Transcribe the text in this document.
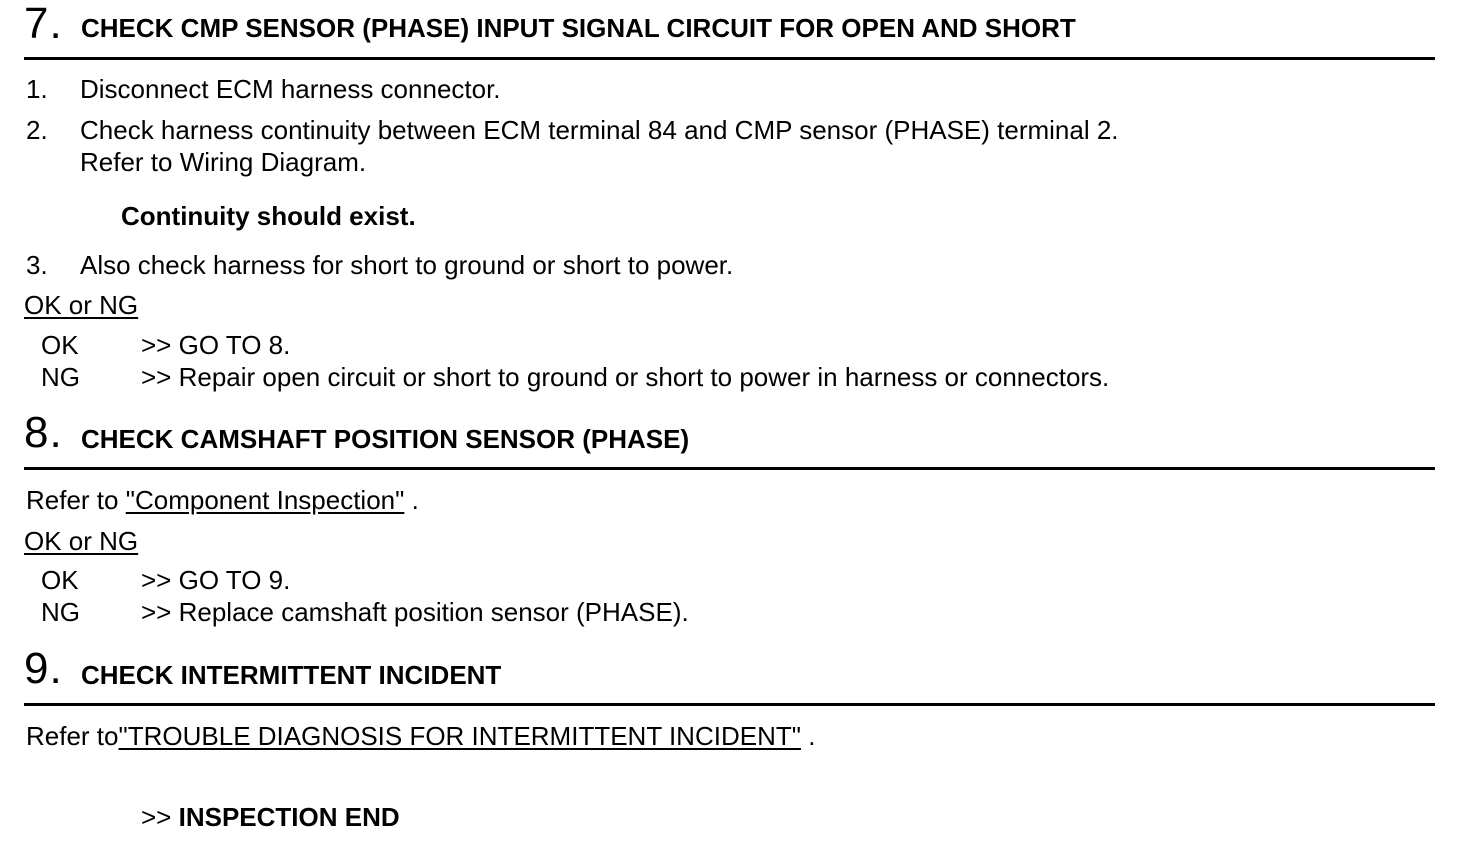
7. CHECK CMP SENSOR (PHASE) INPUT SIGNAL CIRCUIT FOR OPEN AND SHORT
1. Disconnect ECM harness connector.
2. Check harness continuity between ECM terminal 84 and CMP sensor (PHASE) terminal 2.
Refer to Wiring Diagram.
Continuity should exist.
3. Also check harness for short to ground or short to power.
OK or NG
OK >> GO TO 8.
NG >> Repair open circuit or short to ground or short to power in harness or connectors.
8. CHECK CAMSHAFT POSITION SENSOR (PHASE)
Refer to "Component Inspection" .
OK or NG
OK >> GO TO 9.
NG >> Replace camshaft position sensor (PHASE).
9. CHECK INTERMITTENT INCIDENT
Refer to"TROUBLE DIAGNOSIS FOR INTERMITTENT INCIDENT" .
>> INSPECTION END
